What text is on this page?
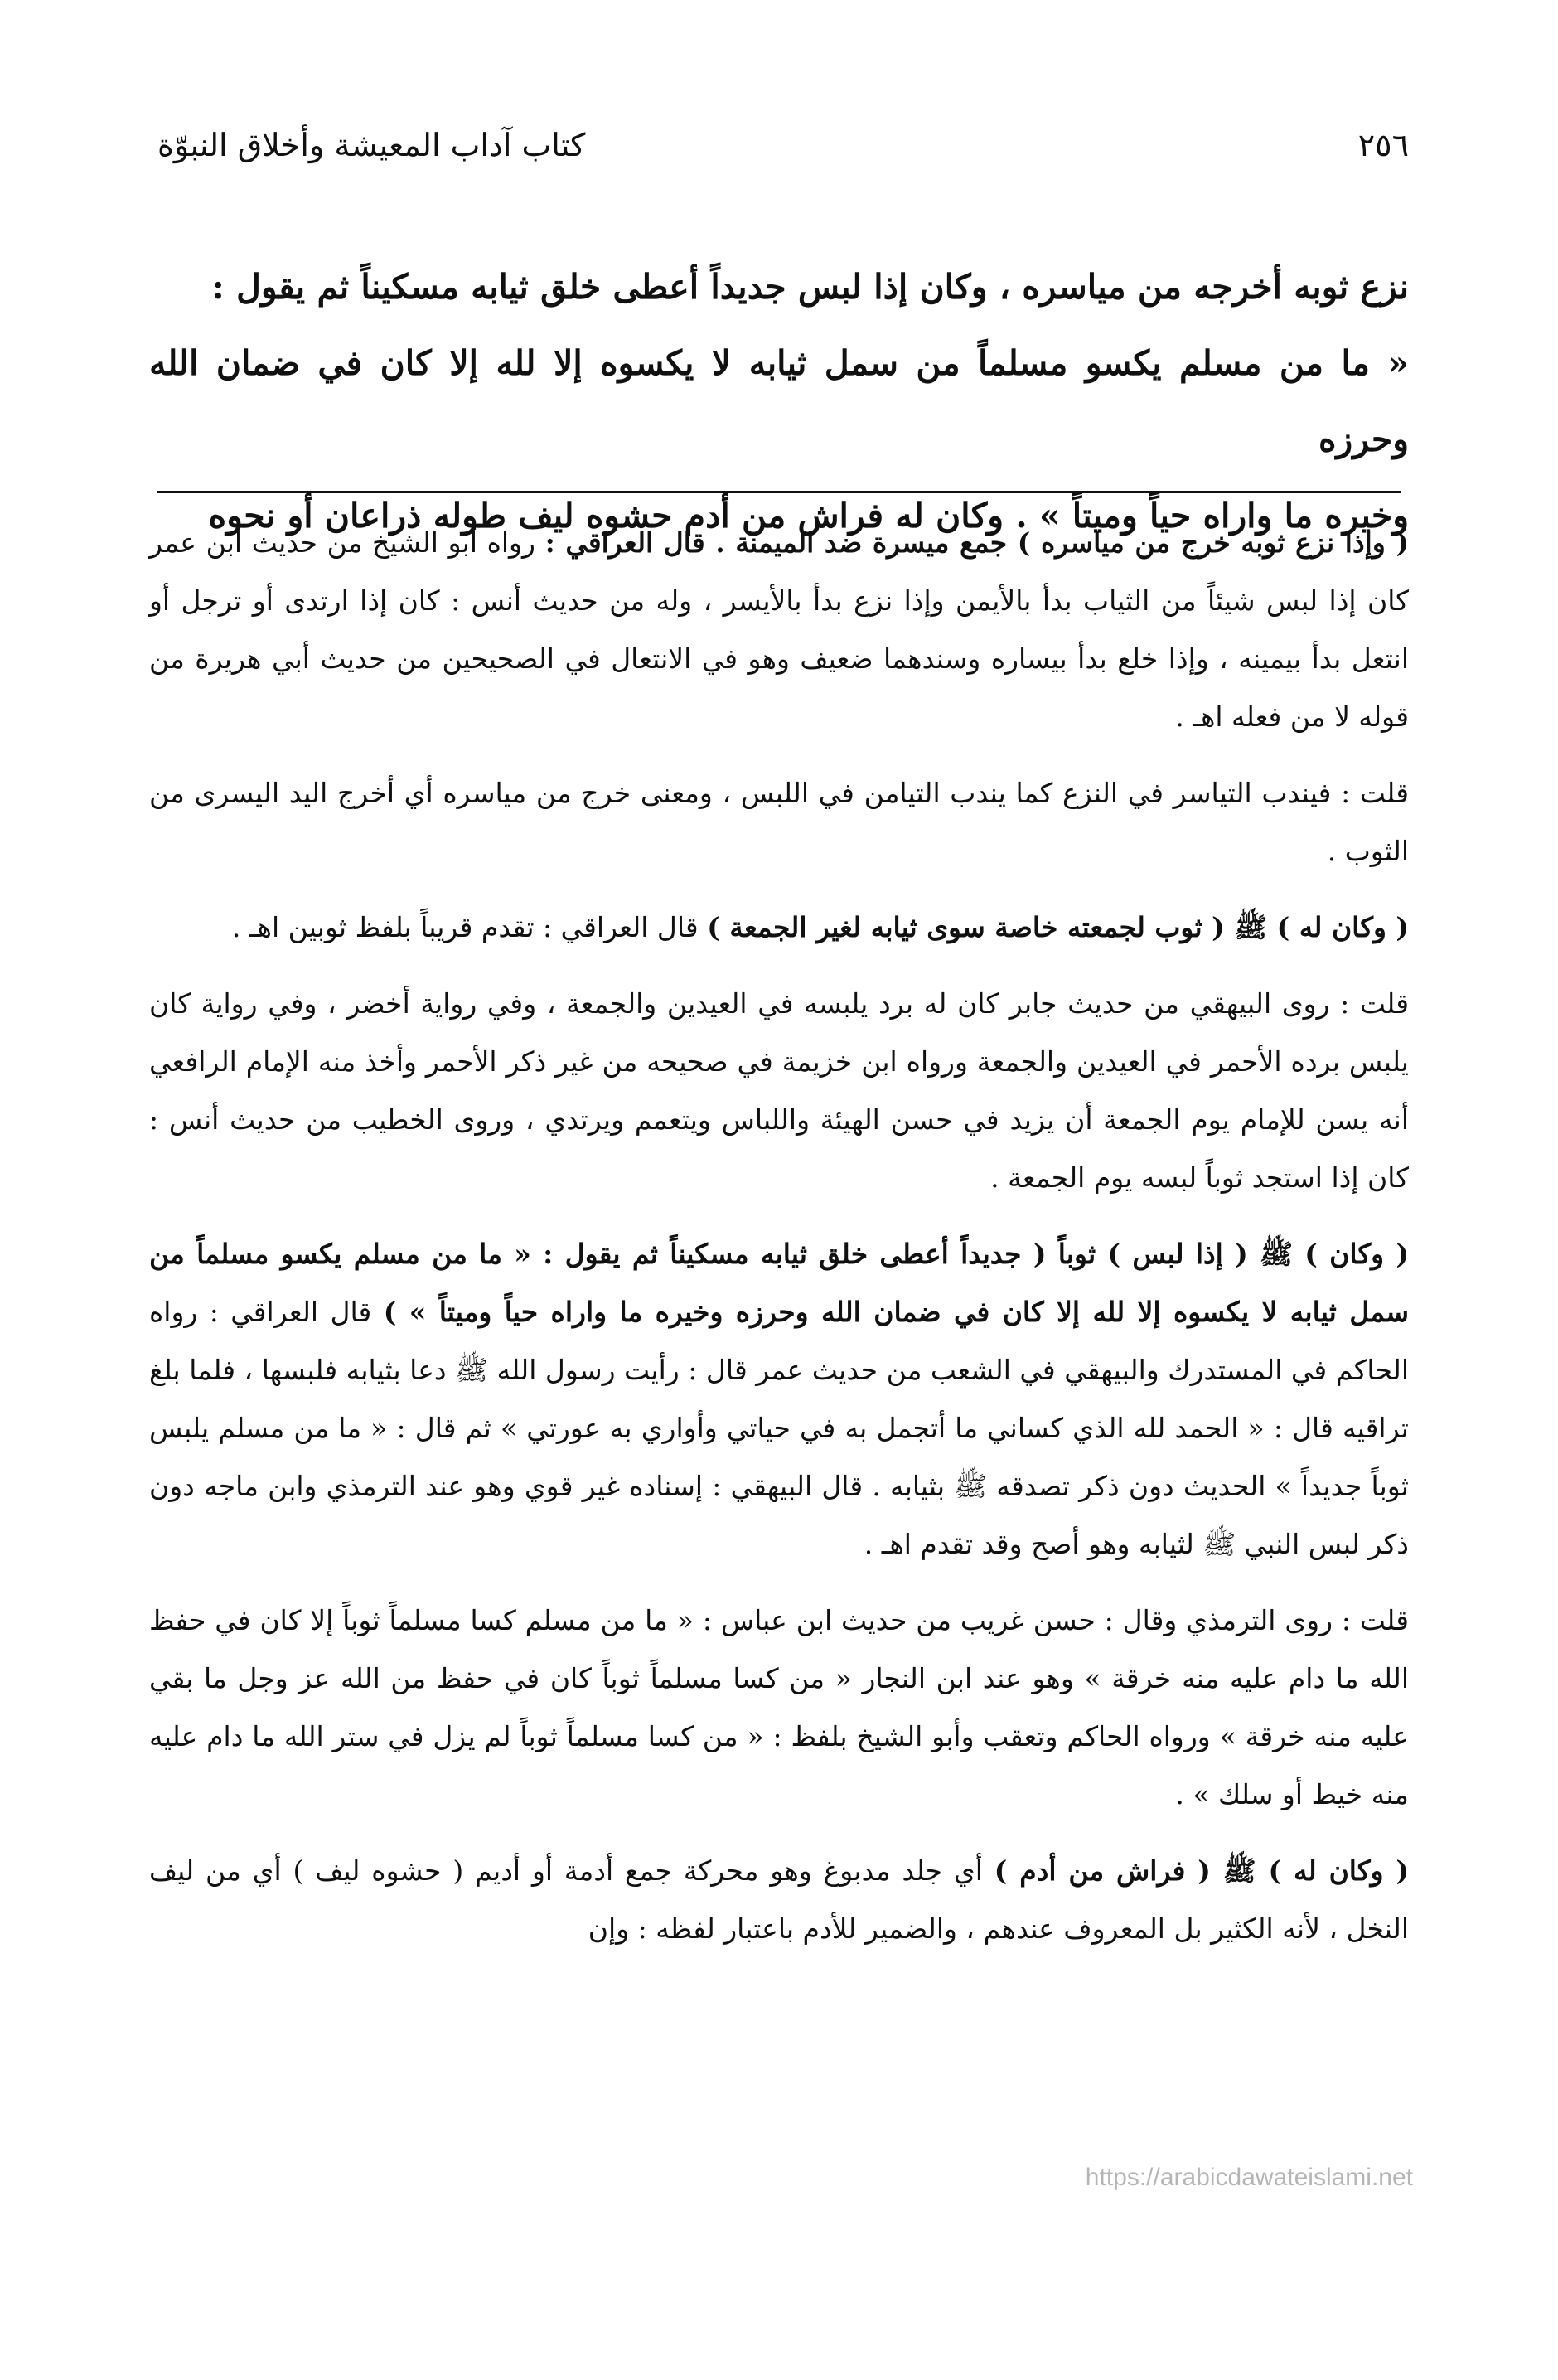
٢٥٦
كتاب آداب المعيشة وأخلاق النبوّة

نزع ثوبه أخرجه من مياسره ، وكان إذا لبس جديداً أعطى خلق ثيابه مسكيناً ثم يقول :

« ما من مسلم يكسو مسلماً من سمل ثيابه لا يكسوه إلا لله إلا كان في ضمان الله وحرزه

وخيره ما واراه حياً وميتاً » . وكان له فراش من أدم حشوه ليف طوله ذراعان أو نحوه

( وإذا نزع ثوبه خرج من مياسره ) جمع ميسرة ضد الميمنة . قال العراقي : رواه أبو الشيخ من حديث ابن عمر كان إذا لبس شيئاً من الثياب بدأ بالأيمن وإذا نزع بدأ بالأيسر ، وله من حديث أنس : كان إذا ارتدى أو ترجل أو انتعل بدأ بيمينه ، وإذا خلع بدأ بيساره وسندهما ضعيف وهو في الانتعال في الصحيحين من حديث أبي هريرة من قوله لا من فعله اهـ .

قلت : فيندب التياسر في النزع كما يندب التيامن في اللبس ، ومعنى خرج من مياسره أي أخرج اليد اليسرى من الثوب .

( وكان له ) ﷺ ( ثوب لجمعته خاصة سوى ثيابه لغير الجمعة ) قال العراقي : تقدم قريباً بلفظ ثوبين اهـ .

قلت : روى البيهقي من حديث جابر كان له برد يلبسه في العيدين والجمعة ، وفي رواية أخضر ، وفي رواية كان يلبس برده الأحمر في العيدين والجمعة ورواه ابن خزيمة في صحيحه من غير ذكر الأحمر وأخذ منه الإمام الرافعي أنه يسن للإمام يوم الجمعة أن يزيد في حسن الهيئة واللباس ويتعمم ويرتدي ، وروى الخطيب من حديث أنس : كان إذا استجد ثوباً لبسه يوم الجمعة .

( وكان ) ﷺ ( إذا لبس ) ثوباً ( جديداً أعطى خلق ثيابه مسكيناً ثم يقول : « ما من مسلم يكسو مسلماً من سمل ثيابه لا يكسوه إلا لله إلا كان في ضمان الله وحرزه وخيره ما واراه حياً وميتاً » ) قال العراقي : رواه الحاكم في المستدرك والبيهقي في الشعب من حديث عمر قال : رأيت رسول الله ﷺ دعا بثيابه فلبسها ، فلما بلغ تراقيه قال : « الحمد لله الذي كساني ما أتجمل به في حياتي وأواري به عورتي » ثم قال : « ما من مسلم يلبس ثوباً جديداً » الحديث دون ذكر تصدقه ﷺ بثيابه . قال البيهقي : إسناده غير قوي وهو عند الترمذي وابن ماجه دون ذكر لبس النبي ﷺ لثيابه وهو أصح وقد تقدم اهـ .

قلت : روى الترمذي وقال : حسن غريب من حديث ابن عباس : « ما من مسلم كسا مسلماً ثوباً إلا كان في حفظ الله ما دام عليه منه خرقة » وهو عند ابن النجار « من كسا مسلماً ثوباً كان في حفظ من الله عز وجل ما بقي عليه منه خرقة » ورواه الحاكم وتعقب وأبو الشيخ بلفظ : « من كسا مسلماً ثوباً لم يزل في ستر الله ما دام عليه منه خيط أو سلك » .

( وكان له ) ﷺ ( فراش من أدم ) أي جلد مدبوغ وهو محركة جمع أدمة أو أديم ( حشوه ليف ) أي من ليف النخل ، لأنه الكثير بل المعروف عندهم ، والضمير للأدم باعتبار لفظه : وإن

https://arabicdawateislami.net
